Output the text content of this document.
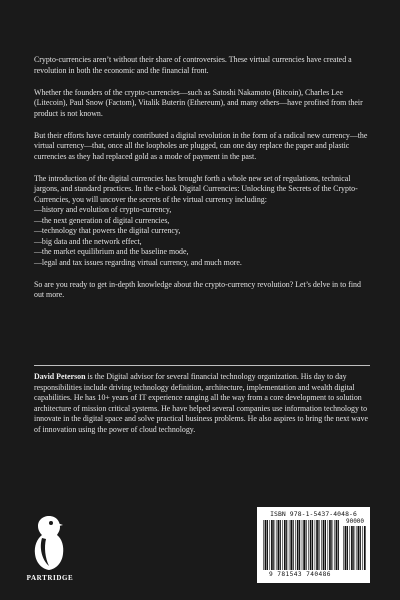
Crypto-currencies aren’t without their share of controversies. These virtual currencies have created a revolution in both the economic and the financial front.

Whether the founders of the crypto-currencies—such as Satoshi Nakamoto (Bitcoin), Charles Lee (Litecoin), Paul Snow (Factom), Vitalik Buterin (Ethereum), and many others—have profited from their product is not known.

But their efforts have certainly contributed a digital revolution in the form of a radical new currency—the virtual currency—that, once all the loopholes are plugged, can one day replace the paper and plastic currencies as they had replaced gold as a mode of payment in the past.

The introduction of the digital currencies has brought forth a whole new set of regulations, technical jargons, and standard practices. In the e-book Digital Currencies: Unlocking the Secrets of the Crypto-Currencies, you will uncover the secrets of the virtual currency including:

—history and evolution of crypto-currency,
—the next generation of digital currencies,
—technology that powers the digital currency,
—big data and the network effect,
—the market equilibrium and the baseline mode,
—legal and tax issues regarding virtual currency, and much more.

So are you ready to get in-depth knowledge about the crypto-currency revolution? Let’s delve in to find out more.

David Peterson is the Digital advisor for several financial technology organization. His day to day responsibilities include driving technology definition, architecture, implementation and wealth digital capabilities. He has 10+ years of IT experience ranging all the way from a core development to solution architecture of mission critical systems. He have helped several companies use information technology to innovate in the digital space and solve practical business problems. He also aspires to bring the next wave of innovation using the power of cloud technology.

PARTRIDGE
ISBN 978-1-5437-4048-6
90000
9 781543 740486
